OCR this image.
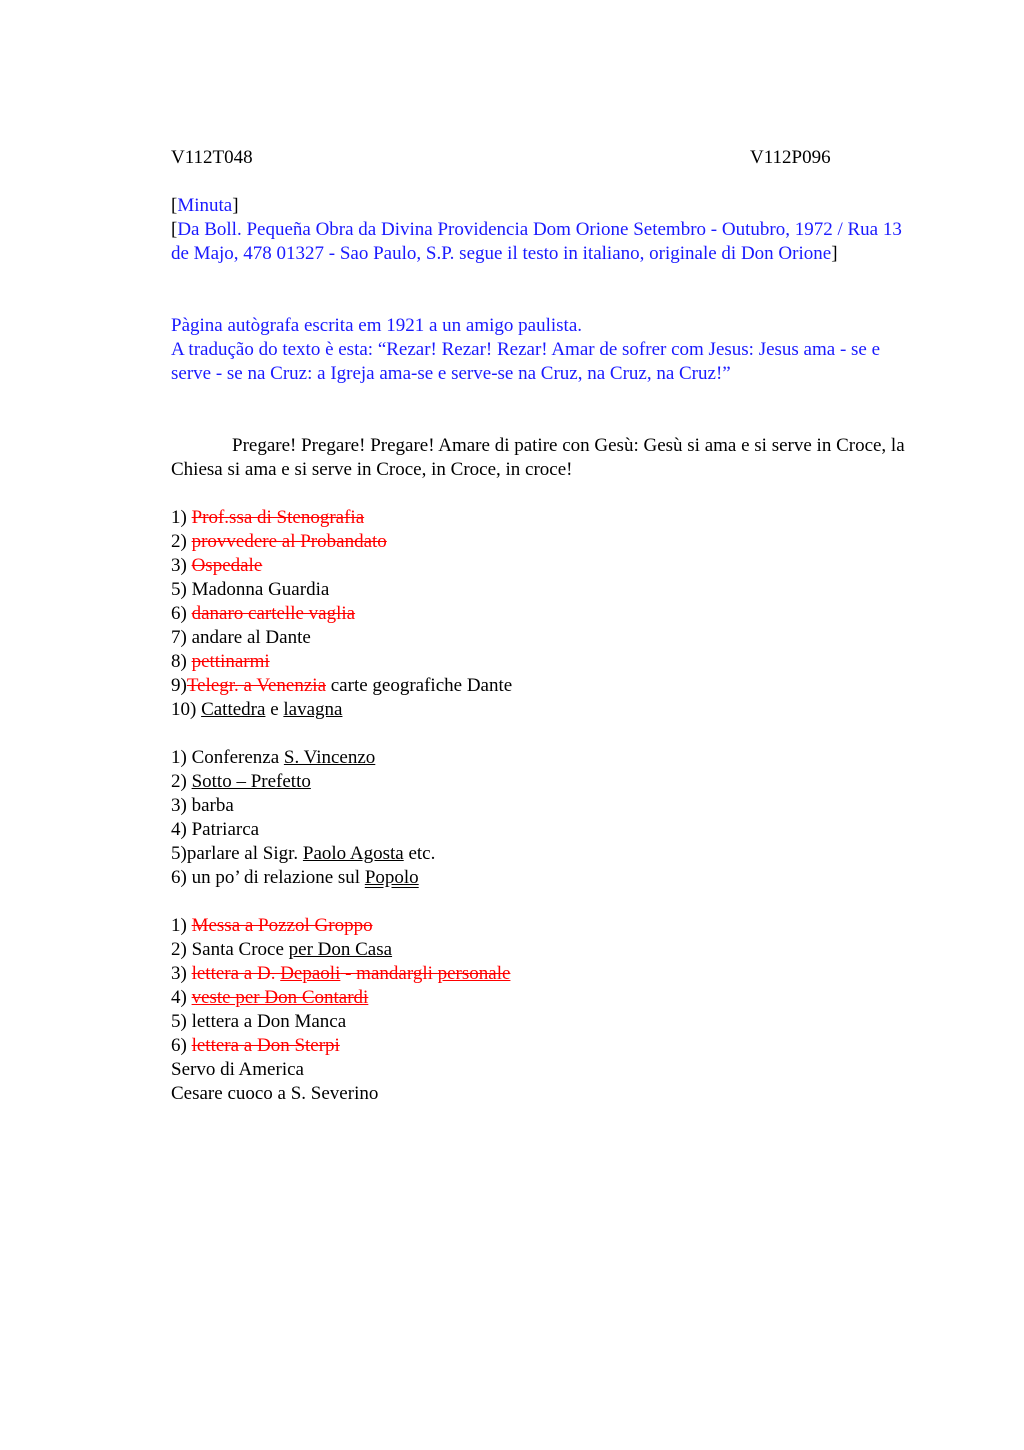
V112T048	V112P096

[Minuta]

[Da Boll. Pequeña Obra da Divina Providencia Dom Orione Setembro - Outubro, 1972 / Rua 13 de Majo, 478 01327 - Sao Paulo, S.P. segue il testo in italiano, originale di Don Orione]

Pàgina autògrafa escrita em 1921 a un amigo paulista.

A tradução do texto è esta: “Rezar! Rezar! Rezar! Amar de sofrer com Jesus: Jesus ama - se e serve - se na Cruz: a Igreja ama-se e serve-se na Cruz, na Cruz, na Cruz!”

Pregare! Pregare! Pregare! Amare di patire con Gesù: Gesù si ama e si serve in Croce, la Chiesa si ama e si serve in Croce, in Croce, in croce!

1) Prof.ssa di Stenografia
2) provvedere al Probandato
3) Ospedale
5) Madonna Guardia
6) danaro cartelle vaglia
7) andare al Dante
8) pettinarmi
9)Telegr. a Venenzia carte geografiche Dante
10) Cattedra e lavagna
1) Conferenza S. Vincenzo
2) Sotto – Prefetto
3) barba
4) Patriarca
5)parlare al Sigr. Paolo Agosta etc.
6) un po’ di relazione sul Popolo
1) Messa a Pozzol Groppo
2) Santa Croce per Don Casa
3) lettera a D. Depaoli - mandargli personale
4) veste per Don Contardi
5) lettera a Don Manca
6) lettera a Don Sterpi
Servo di America
Cesare cuoco a S. Severino
